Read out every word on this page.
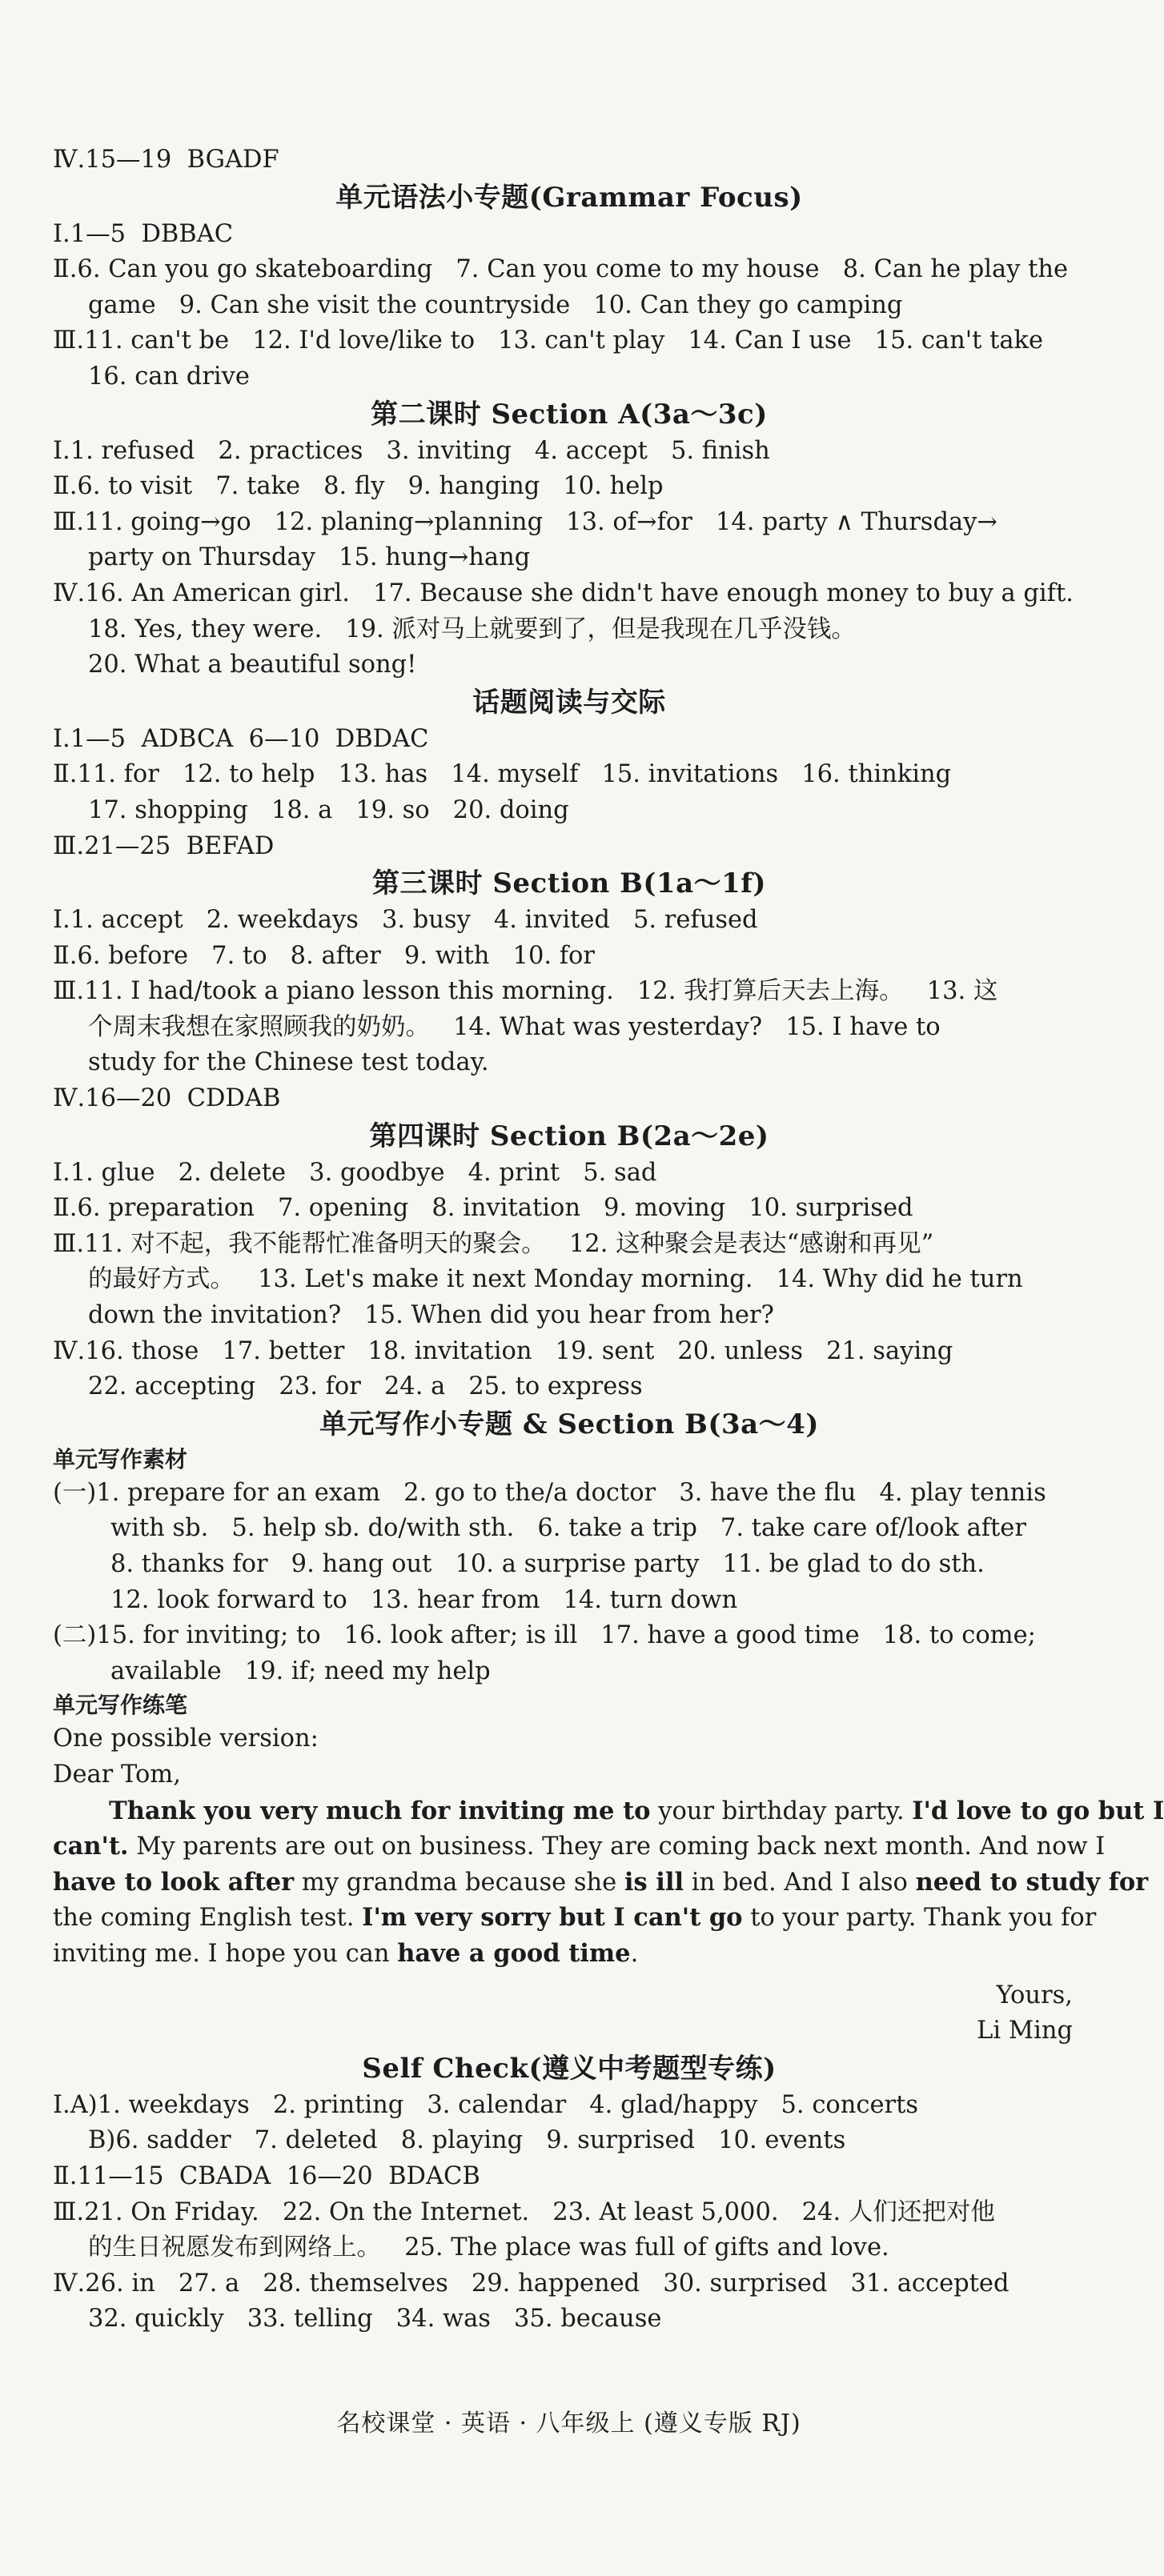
Ⅳ.15—19  BGADF
单元语法小专题(Grammar Focus)
Ⅰ.1—5  DBBAC
Ⅱ.6. Can you go skateboarding   7. Can you come to my house   8. Can he play the
game   9. Can she visit the countryside   10. Can they go camping
Ⅲ.11. can't be   12. I'd love/like to   13. can't play   14. Can I use   15. can't take
16. can drive
第二课时 Section A(3a～3c)
Ⅰ.1. refused   2. practices   3. inviting   4. accept   5. finish
Ⅱ.6. to visit   7. take   8. fly   9. hanging   10. help
Ⅲ.11. going→go   12. planing→planning   13. of→for   14. party ∧ Thursday→
party on Thursday   15. hung→hang
Ⅳ.16. An American girl.   17. Because she didn't have enough money to buy a gift.
18. Yes, they were.   19. 派对马上就要到了，但是我现在几乎没钱。
20. What a beautiful song!
话题阅读与交际
Ⅰ.1—5  ADBCA  6—10  DBDAC
Ⅱ.11. for   12. to help   13. has   14. myself   15. invitations   16. thinking
17. shopping   18. a   19. so   20. doing
Ⅲ.21—25  BEFAD
第三课时 Section B(1a～1f)
Ⅰ.1. accept   2. weekdays   3. busy   4. invited   5. refused
Ⅱ.6. before   7. to   8. after   9. with   10. for
Ⅲ.11. I had/took a piano lesson this morning.   12. 我打算后天去上海。   13. 这
个周末我想在家照顾我的奶奶。   14. What was yesterday?   15. I have to
study for the Chinese test today.
Ⅳ.16—20  CDDAB
第四课时 Section B(2a～2e)
Ⅰ.1. glue   2. delete   3. goodbye   4. print   5. sad
Ⅱ.6. preparation   7. opening   8. invitation   9. moving   10. surprised
Ⅲ.11. 对不起，我不能帮忙准备明天的聚会。   12. 这种聚会是表达“感谢和再见”
的最好方式。   13. Let's make it next Monday morning.   14. Why did he turn
down the invitation?   15. When did you hear from her?
Ⅳ.16. those   17. better   18. invitation   19. sent   20. unless   21. saying
22. accepting   23. for   24. a   25. to express
单元写作小专题 & Section B(3a～4)
单元写作素材
(一)1. prepare for an exam   2. go to the/a doctor   3. have the flu   4. play tennis
with sb.   5. help sb. do/with sth.   6. take a trip   7. take care of/look after
8. thanks for   9. hang out   10. a surprise party   11. be glad to do sth.
12. look forward to   13. hear from   14. turn down
(二)15. for inviting; to   16. look after; is ill   17. have a good time   18. to come;
available   19. if; need my help
单元写作练笔
One possible version:
Dear Tom,
Thank you very much for inviting me to your birthday party. I'd love to go but I
can't. My parents are out on business. They are coming back next month. And now I
have to look after my grandma because she is ill in bed. And I also need to study for
the coming English test. I'm very sorry but I can't go to your party. Thank you for
inviting me. I hope you can have a good time.
Yours,
Li Ming
Self Check(遵义中考题型专练)
Ⅰ.A)1. weekdays   2. printing   3. calendar   4. glad/happy   5. concerts
B)6. sadder   7. deleted   8. playing   9. surprised   10. events
Ⅱ.11—15  CBADA  16—20  BDACB
Ⅲ.21. On Friday.   22. On the Internet.   23. At least 5,000.   24. 人们还把对他
的生日祝愿发布到网络上。   25. The place was full of gifts and love.
Ⅳ.26. in   27. a   28. themselves   29. happened   30. surprised   31. accepted
32. quickly   33. telling   34. was   35. because
名校课堂 · 英语 · 八年级上 (遵义专版 RJ)
